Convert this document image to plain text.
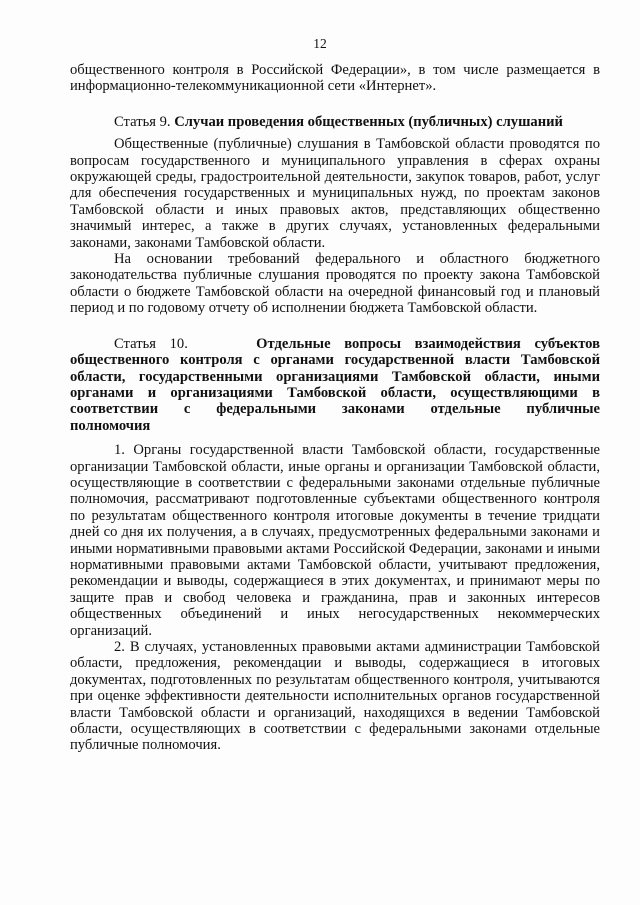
12

общественного контроля в Российской Федерации», в том числе размещается в информационно-телекоммуникационной сети «Интернет».

Статья 9. Случаи проведения общественных (публичных) слушаний

Общественные (публичные) слушания в Тамбовской области проводятся по вопросам государственного и муниципального управления в сферах охраны окружающей среды, градостроительной деятельности, закупок товаров, работ, услуг для обеспечения государственных и муниципальных нужд, по проектам законов Тамбовской области и иных правовых актов, представляющих общественно значимый интерес, а также в других случаях, установленных федеральными законами, законами Тамбовской области.

На основании требований федерального и областного бюджетного законодательства публичные слушания проводятся по проекту закона Тамбовской области о бюджете Тамбовской области на очередной финансовый год и плановый период и по годовому отчету об исполнении бюджета Тамбовской области.

Статья 10.	Отдельные вопросы взаимодействия субъектов общественного контроля с органами государственной власти Тамбовской области, государственными организациями Тамбовской области, иными органами и организациями Тамбовской области, осуществляющими в соответствии с федеральными законами отдельные публичные

полномочия

1. Органы государственной власти Тамбовской области, государственные организации Тамбовской области, иные органы и организации Тамбовской области, осуществляющие в соответствии с федеральными законами отдельные публичные полномочия, рассматривают подготовленные субъектами общественного контроля по результатам общественного контроля итоговые документы в течение тридцати дней со дня их получения, а в случаях, предусмотренных федеральными законами и иными нормативными правовыми актами Российской Федерации, законами и иными нормативными правовыми актами Тамбовской области, учитывают предложения, рекомендации и выводы, содержащиеся в этих документах, и принимают меры по защите прав и свобод человека и гражданина, прав и законных интересов общественных объединений и иных негосударственных некоммерческих организаций.

2. В случаях, установленных правовыми актами администрации Тамбовской области, предложения, рекомендации и выводы, содержащиеся в итоговых документах, подготовленных по результатам общественного контроля, учитываются при оценке эффективности деятельности исполнительных органов государственной власти Тамбовской области и организаций, находящихся в ведении Тамбовской области, осуществляющих в соответствии с федеральными законами отдельные публичные полномочия.
